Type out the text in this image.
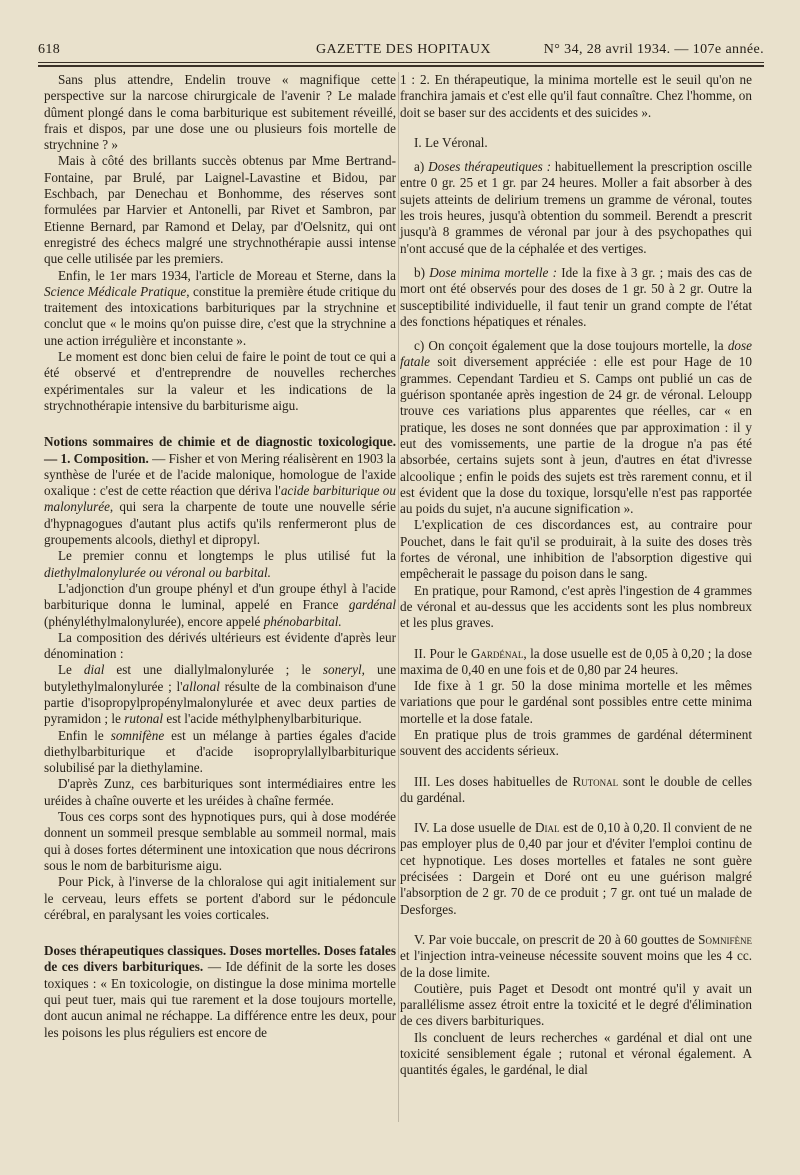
618	GAZETTE DES HOPITAUX	N° 34, 28 avril 1934. — 107e année.

Sans plus attendre, Endelin trouve « magnifique cette perspective sur la narcose chirurgicale de l'avenir ? Le malade dûment plongé dans le coma barbiturique est subitement réveillé, frais et dispos, par une dose une ou plusieurs fois mortelle de strychnine ? »

Mais à côté des brillants succès obtenus par Mme Bertrand-Fontaine, par Brulé, par Laignel-Lavastine et Bidou, par Eschbach, par Denechau et Bonhomme, des réserves sont formulées par Harvier et Antonelli, par Rivet et Sambron, par Etienne Bernard, par Ramond et Delay, par d'Oelsnitz, qui ont enregistré des échecs malgré une strychnothérapie aussi intense que celle utilisée par les premiers.

Enfin, le 1er mars 1934, l'article de Moreau et Sterne, dans la Science Médicale Pratique, constitue la première étude critique du traitement des intoxications barbituriques par la strychnine et conclut que « le moins qu'on puisse dire, c'est que la strychnine a une action irrégulière et inconstante ».

Le moment est donc bien celui de faire le point de tout ce qui a été observé et d'entreprendre de nouvelles recherches expérimentales sur la valeur et les indications de la strychnothérapie intensive du barbiturisme aigu.

Notions sommaires de chimie et de diagnostic toxicologique. — 1. Composition. — Fisher et von Mering réalisèrent en 1903 la synthèse de l'urée et de l'acide malonique, homologue de l'axide oxalique : c'est de cette réaction que dériva l'acide barbiturique ou malonylurée, qui sera la charpente de toute une nouvelle série d'hypnagogues d'autant plus actifs qu'ils renfermeront plus de groupements alcools, diethyl et dipropyl.

Le premier connu et longtemps le plus utilisé fut la diethylmalonylurée ou véronal ou barbital.

L'adjonction d'un groupe phényl et d'un groupe éthyl à l'acide barbiturique donna le luminal, appelé en France gardénal (phényléthylmalonylurée), encore appelé phénobarbital.

La composition des dérivés ultérieurs est évidente d'après leur dénomination :

Le dial est une diallylmalonylurée ; le soneryl, une butylethylmalonylurée ; l'allonal résulte de la combinaison d'une partie d'isopropylpropénylmalonylurée et avec deux parties de pyramidon ; le rutonal est l'acide méthylphenylbarbiturique.

Enfin le somnifène est un mélange à parties égales d'acide diethylbarbiturique et d'acide isoproprylallylbarbiturique solubilisé par la diethylamine.

D'après Zunz, ces barbituriques sont intermédiaires entre les uréides à chaîne ouverte et les uréides à chaîne fermée.

Tous ces corps sont des hypnotiques purs, qui à dose modérée donnent un sommeil presque semblable au sommeil normal, mais qui à doses fortes déterminent une intoxication que nous décrirons sous le nom de barbiturisme aigu.

Pour Pick, à l'inverse de la chloralose qui agit initialement sur le cerveau, leurs effets se portent d'abord sur le pédoncule cérébral, en paralysant les voies corticales.

Doses thérapeutiques classiques. Doses mortelles. Doses fatales de ces divers barbituriques. — Ide définit de la sorte les doses toxiques : « En toxicologie, on distingue la dose minima mortelle qui peut tuer, mais qui tue rarement et la dose toujours mortelle, dont aucun animal ne réchappe. La différence entre les deux, pour les poisons les plus réguliers est encore de

1 : 2. En thérapeutique, la minima mortelle est le seuil qu'on ne franchira jamais et c'est elle qu'il faut connaître. Chez l'homme, on doit se baser sur des accidents et des suicides ».

I. Le Véronal.

a) Doses thérapeutiques : habituellement la prescription oscille entre 0 gr. 25 et 1 gr. par 24 heures. Moller a fait absorber à des sujets atteints de delirium tremens un gramme de véronal, toutes les trois heures, jusqu'à obtention du sommeil. Berendt a prescrit jusqu'à 8 grammes de véronal par jour à des psychopathes qui n'ont accusé que de la céphalée et des vertiges.

b) Dose minima mortelle : Ide la fixe à 3 gr. ; mais des cas de mort ont été observés pour des doses de 1 gr. 50 à 2 gr. Outre la susceptibilité individuelle, il faut tenir un grand compte de l'état des fonctions hépatiques et rénales.

c) On conçoit également que la dose toujours mortelle, la dose fatale soit diversement appréciée : elle est pour Hage de 10 grammes. Cependant Tardieu et S. Camps ont publié un cas de guérison spontanée après ingestion de 24 gr. de véronal. Leloupp trouve ces variations plus apparentes que réelles, car « en pratique, les doses ne sont données que par approximation : il y eut des vomissements, une partie de la drogue n'a pas été absorbée, certains sujets sont à jeun, d'autres en état d'ivresse alcoolique ; enfin le poids des sujets est très rarement connu, et il est évident que la dose du toxique, lorsqu'elle n'est pas rapportée au poids du sujet, n'a aucune signification ».

L'explication de ces discordances est, au contraire pour Pouchet, dans le fait qu'il se produirait, à la suite des doses très fortes de véronal, une inhibition de l'absorption digestive qui empêcherait le passage du poison dans le sang.

En pratique, pour Ramond, c'est après l'ingestion de 4 grammes de véronal et au-dessus que les accidents sont les plus nombreux et les plus graves.

II. Pour le Gardénal, la dose usuelle est de 0,05 à 0,20 ; la dose maxima de 0,40 en une fois et de 0,80 par 24 heures.

Ide fixe à 1 gr. 50 la dose minima mortelle et les mêmes variations que pour le gardénal sont possibles entre cette minima mortelle et la dose fatale.

En pratique plus de trois grammes de gardénal déterminent souvent des accidents sérieux.

III. Les doses habituelles de Rutonal sont le double de celles du gardénal.

IV. La dose usuelle de Dial est de 0,10 à 0,20. Il convient de ne pas employer plus de 0,40 par jour et d'éviter l'emploi continu de cet hypnotique. Les doses mortelles et fatales ne sont guère précisées : Dargein et Doré ont eu une guérison malgré l'absorption de 2 gr. 70 de ce produit ; 7 gr. ont tué un malade de Desforges.

V. Par voie buccale, on prescrit de 20 à 60 gouttes de Somnifène et l'injection intra-veineuse nécessite souvent moins que les 4 cc. de la dose limite.

Coutière, puis Paget et Desodt ont montré qu'il y avait un parallélisme assez étroit entre la toxicité et le degré d'élimination de ces divers barbituriques.

Ils concluent de leurs recherches « gardénal et dial ont une toxicité sensiblement égale ; rutonal et véronal également. A quantités égales, le gardénal, le dial
